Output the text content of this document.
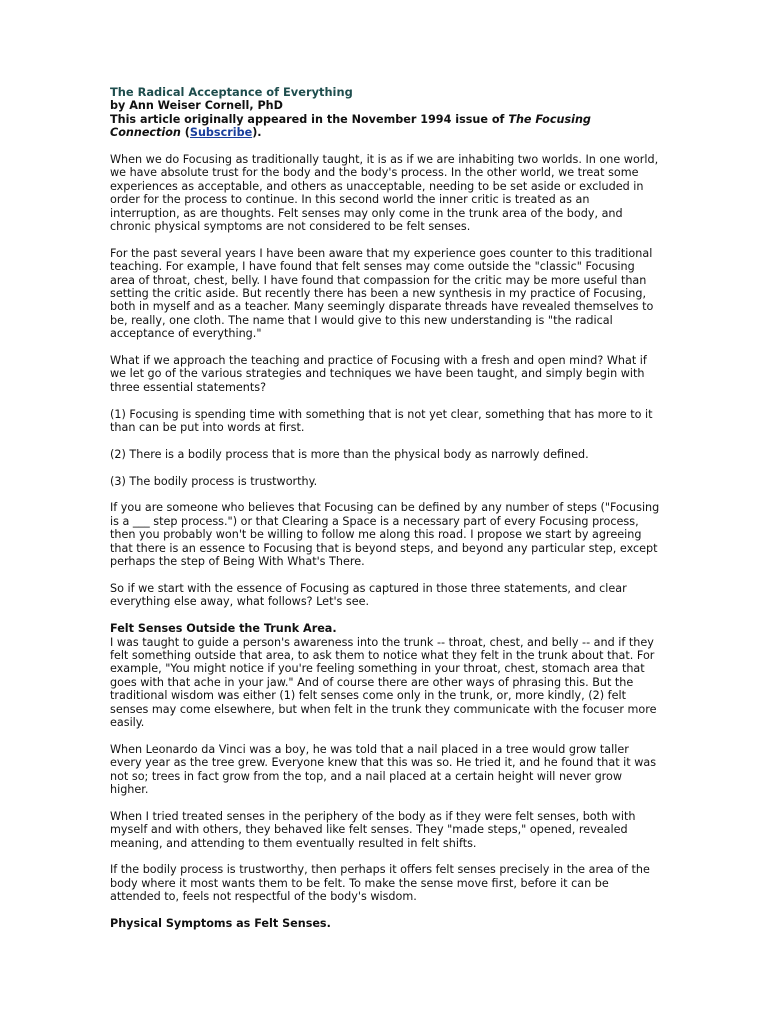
The Radical Acceptance of Everything
by Ann Weiser Cornell, PhD
This article originally appeared in the November 1994 issue of The Focusing Connection (Subscribe).

When we do Focusing as traditionally taught, it is as if we are inhabiting two worlds. In one world, we have absolute trust for the body and the body's process. In the other world, we treat some experiences as acceptable, and others as unacceptable, needing to be set aside or excluded in order for the process to continue. In this second world the inner critic is treated as an interruption, as are thoughts. Felt senses may only come in the trunk area of the body, and chronic physical symptoms are not considered to be felt senses.

For the past several years I have been aware that my experience goes counter to this traditional teaching. For example, I have found that felt senses may come outside the "classic" Focusing area of throat, chest, belly. I have found that compassion for the critic may be more useful than setting the critic aside. But recently there has been a new synthesis in my practice of Focusing, both in myself and as a teacher. Many seemingly disparate threads have revealed themselves to be, really, one cloth. The name that I would give to this new understanding is "the radical acceptance of everything."

What if we approach the teaching and practice of Focusing with a fresh and open mind? What if we let go of the various strategies and techniques we have been taught, and simply begin with three essential statements?

(1) Focusing is spending time with something that is not yet clear, something that has more to it than can be put into words at first.

(2) There is a bodily process that is more than the physical body as narrowly defined.

(3) The bodily process is trustworthy.

If you are someone who believes that Focusing can be defined by any number of steps ("Focusing is a ___ step process.") or that Clearing a Space is a necessary part of every Focusing process, then you probably won't be willing to follow me along this road. I propose we start by agreeing that there is an essence to Focusing that is beyond steps, and beyond any particular step, except perhaps the step of Being With What's There.

So if we start with the essence of Focusing as captured in those three statements, and clear everything else away, what follows? Let's see.

Felt Senses Outside the Trunk Area.

I was taught to guide a person's awareness into the trunk -- throat, chest, and belly -- and if they felt something outside that area, to ask them to notice what they felt in the trunk about that. For example, "You might notice if you're feeling something in your throat, chest, stomach area that goes with that ache in your jaw." And of course there are other ways of phrasing this. But the traditional wisdom was either (1) felt senses come only in the trunk, or, more kindly, (2) felt senses may come elsewhere, but when felt in the trunk they communicate with the focuser more easily.

When Leonardo da Vinci was a boy, he was told that a nail placed in a tree would grow taller every year as the tree grew. Everyone knew that this was so. He tried it, and he found that it was not so; trees in fact grow from the top, and a nail placed at a certain height will never grow higher.

When I tried treated senses in the periphery of the body as if they were felt senses, both with myself and with others, they behaved like felt senses. They "made steps," opened, revealed meaning, and attending to them eventually resulted in felt shifts.

If the bodily process is trustworthy, then perhaps it offers felt senses precisely in the area of the body where it most wants them to be felt. To make the sense move first, before it can be attended to, feels not respectful of the body's wisdom.

Physical Symptoms as Felt Senses.
